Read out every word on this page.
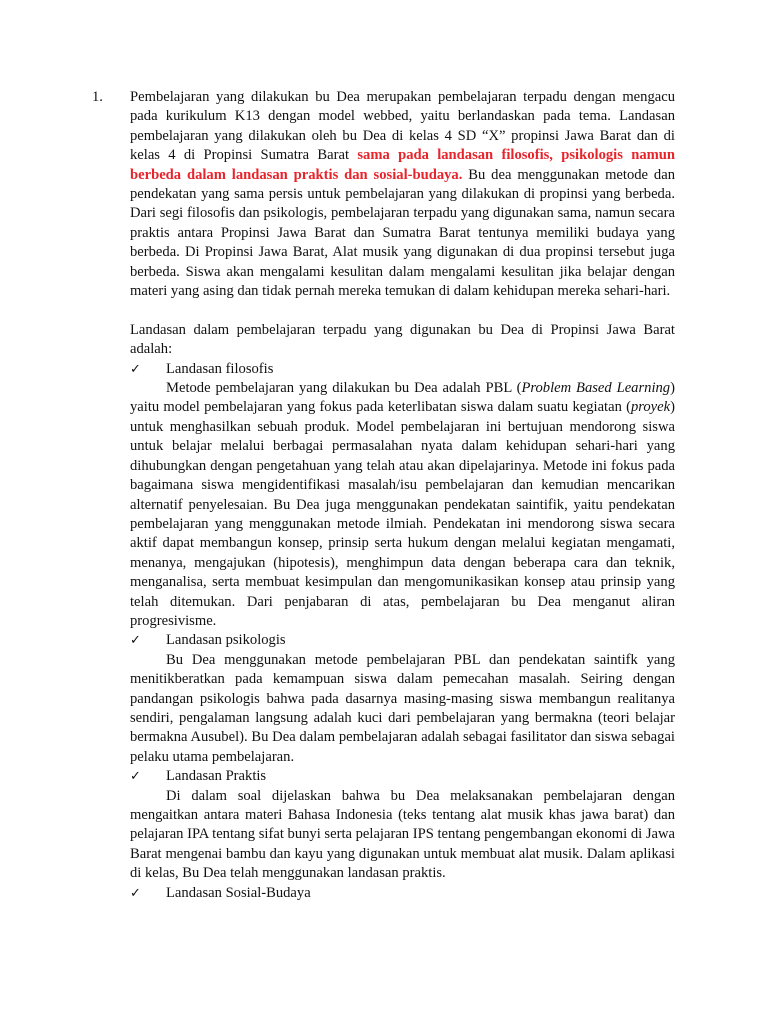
1. Pembelajaran yang dilakukan bu Dea merupakan pembelajaran terpadu dengan mengacu pada kurikulum K13 dengan model webbed, yaitu berlandaskan pada tema. Landasan pembelajaran yang dilakukan oleh bu Dea di kelas 4 SD “X” propinsi Jawa Barat dan di kelas 4 di Propinsi Sumatra Barat sama pada landasan filosofis, psikologis namun berbeda dalam landasan praktis dan sosial-budaya. Bu dea menggunakan metode dan pendekatan yang sama persis untuk pembelajaran yang dilakukan di propinsi yang berbeda. Dari segi filosofis dan psikologis, pembelajaran terpadu yang digunakan sama, namun secara praktis antara Propinsi Jawa Barat dan Sumatra Barat tentunya memiliki budaya yang berbeda. Di Propinsi Jawa Barat, Alat musik yang digunakan di dua propinsi tersebut juga berbeda. Siswa akan mengalami kesulitan dalam mengalami kesulitan jika belajar dengan materi yang asing dan tidak pernah mereka temukan di dalam kehidupan mereka sehari-hari.

Landasan dalam pembelajaran terpadu yang digunakan bu Dea di Propinsi Jawa Barat adalah:

✓	Landasan filosofis

Metode pembelajaran yang dilakukan bu Dea adalah PBL (Problem Based Learning) yaitu model pembelajaran yang fokus pada keterlibatan siswa dalam suatu kegiatan (proyek) untuk menghasilkan sebuah produk. Model pembelajaran ini bertujuan mendorong siswa untuk belajar melalui berbagai permasalahan nyata dalam kehidupan sehari-hari yang dihubungkan dengan pengetahuan yang telah atau akan dipelajarinya. Metode ini fokus pada bagaimana siswa mengidentifikasi masalah/isu pembelajaran dan kemudian mencarikan alternatif penyelesaian. Bu Dea juga menggunakan pendekatan saintifik, yaitu pendekatan pembelajaran yang menggunakan metode ilmiah. Pendekatan ini mendorong siswa secara aktif dapat membangun konsep, prinsip serta hukum dengan melalui kegiatan mengamati, menanya, mengajukan (hipotesis), menghimpun data dengan beberapa cara dan teknik, menganalisa, serta membuat kesimpulan dan mengomunikasikan konsep atau prinsip yang telah ditemukan. Dari penjabaran di atas, pembelajaran bu Dea menganut aliran progresivisme.

✓	Landasan psikologis

Bu Dea menggunakan metode pembelajaran PBL dan pendekatan saintifk yang menitikberatkan pada kemampuan siswa dalam pemecahan masalah. Seiring dengan pandangan psikologis bahwa pada dasarnya masing-masing siswa membangun realitanya sendiri, pengalaman langsung adalah kuci dari pembelajaran yang bermakna (teori belajar bermakna Ausubel). Bu Dea dalam pembelajaran adalah sebagai fasilitator dan siswa sebagai pelaku utama pembelajaran.

✓	Landasan Praktis

Di dalam soal dijelaskan bahwa bu Dea melaksanakan pembelajaran dengan mengaitkan antara materi Bahasa Indonesia (teks tentang alat musik khas jawa barat) dan pelajaran IPA tentang sifat bunyi serta pelajaran IPS tentang pengembangan ekonomi di Jawa Barat mengenai bambu dan kayu yang digunakan untuk membuat alat musik. Dalam aplikasi di kelas, Bu Dea telah menggunakan landasan praktis.

✓	Landasan Sosial-Budaya
